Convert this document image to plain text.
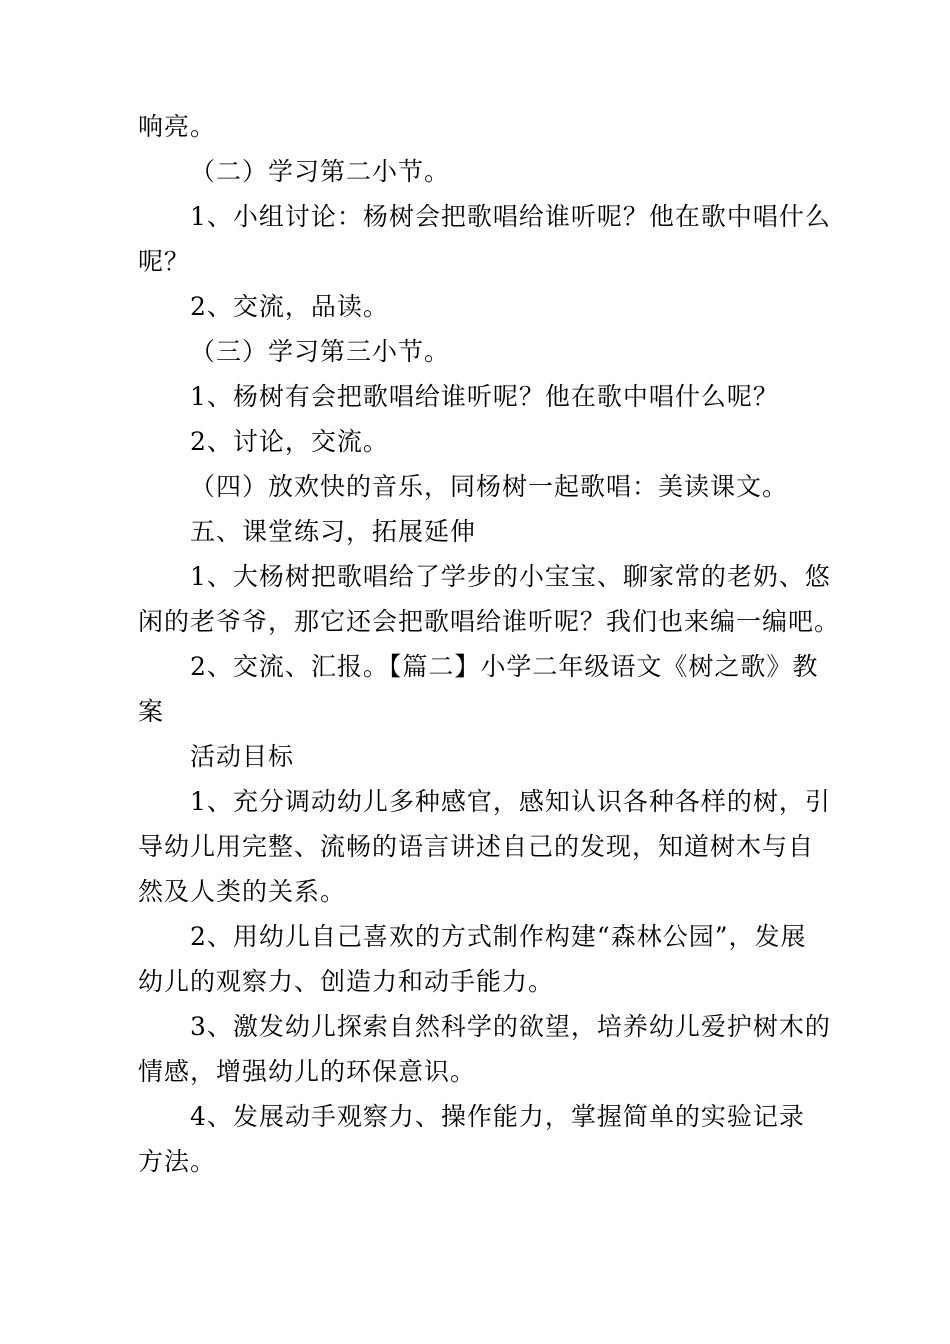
响亮。
（二）学习第二小节。
1、小组讨论：杨树会把歌唱给谁听呢？他在歌中唱什么
呢？
2、交流，品读。
（三）学习第三小节。
1、杨树有会把歌唱给谁听呢？他在歌中唱什么呢？
2、讨论，交流。
（四）放欢快的音乐，同杨树一起歌唱：美读课文。
五、课堂练习，拓展延伸
1、大杨树把歌唱给了学步的小宝宝、聊家常的老奶、悠
闲的老爷爷，那它还会把歌唱给谁听呢？我们也来编一编吧。
2、交流、汇报。【篇二】小学二年级语文《树之歌》教
案
活动目标
1、充分调动幼儿多种感官，感知认识各种各样的树，引
导幼儿用完整、流畅的语言讲述自己的发现，知道树木与自
然及人类的关系。
2、用幼儿自己喜欢的方式制作构建“森林公园”，发展
幼儿的观察力、创造力和动手能力。
3、激发幼儿探索自然科学的欲望，培养幼儿爱护树木的
情感，增强幼儿的环保意识。
4、发展动手观察力、操作能力，掌握简单的实验记录
方法。
